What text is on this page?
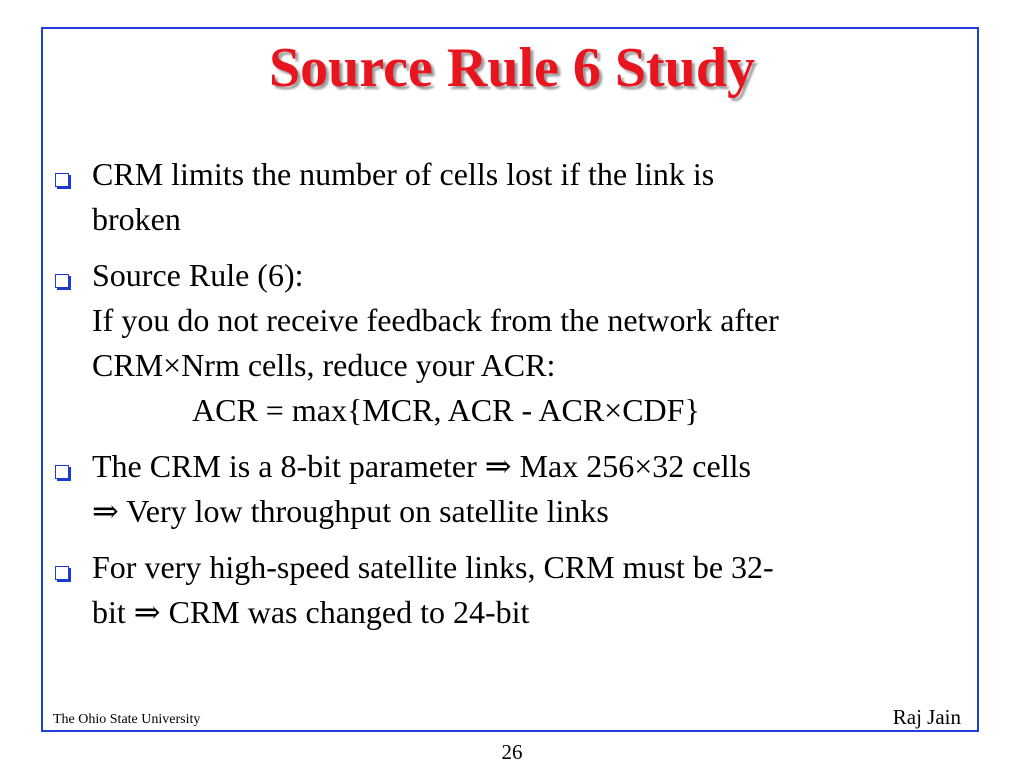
Source Rule 6 Study
CRM limits the number of cells lost if the link is
broken
Source Rule (6):
If you do not receive feedback from the network after
CRM×Nrm cells, reduce your ACR:
ACR = max{MCR, ACR - ACR×CDF}
The CRM is a 8-bit parameter ⇒ Max 256×32 cells
⇒ Very low throughput on satellite links
For very high-speed satellite links, CRM must be 32-
bit ⇒ CRM was changed to 24-bit
The Ohio State University	Raj Jain
26
